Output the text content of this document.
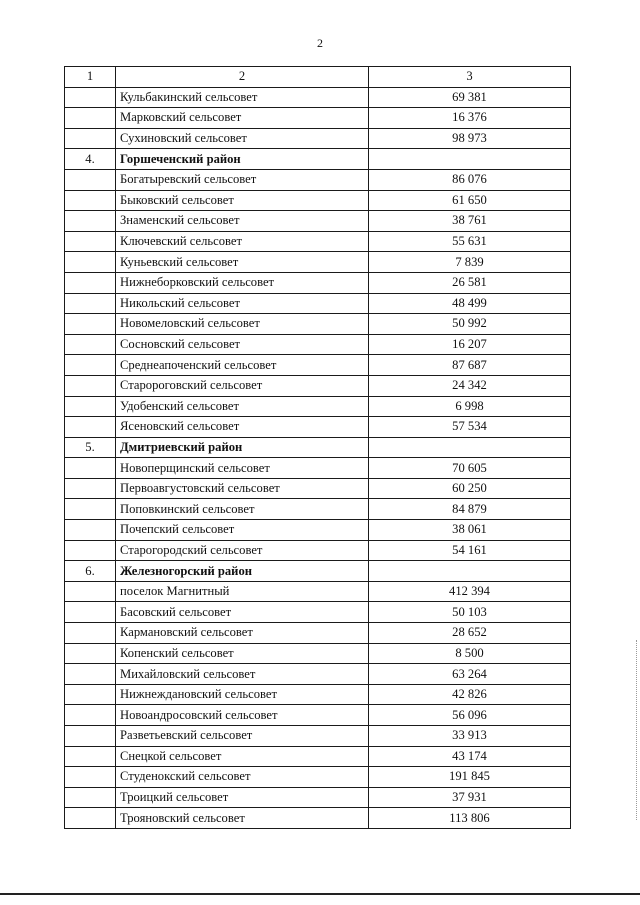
2
1	2	3
	Кульбакинский сельсовет	69 381
	Марковский сельсовет	16 376
	Сухиновский сельсовет	98 973
4.	Горшеченский район	
	Богатыревский сельсовет	86 076
	Быковский сельсовет	61 650
	Знаменский сельсовет	38 761
	Ключевский сельсовет	55 631
	Куньевский сельсовет	7 839
	Нижнеборковский сельсовет	26 581
	Никольский сельсовет	48 499
	Новомеловский сельсовет	50 992
	Сосновский сельсовет	16 207
	Среднеапоченский сельсовет	87 687
	Старороговский сельсовет	24 342
	Удобенский сельсовет	6 998
	Ясеновский сельсовет	57 534
5.	Дмитриевский район	
	Новоперщинский сельсовет	70 605
	Первоавгустовский сельсовет	60 250
	Поповкинский сельсовет	84 879
	Почепский сельсовет	38 061
	Старогородский сельсовет	54 161
6.	Железногорский район	
	поселок Магнитный	412 394
	Басовский сельсовет	50 103
	Кармановский сельсовет	28 652
	Копенский сельсовет	8 500
	Михайловский сельсовет	63 264
	Нижнеждановский сельсовет	42 826
	Новоандросовский сельсовет	56 096
	Разветьевский сельсовет	33 913
	Снецкой сельсовет	43 174
	Студенокский сельсовет	191 845
	Троицкий сельсовет	37 931
	Трояновский сельсовет	113 806
